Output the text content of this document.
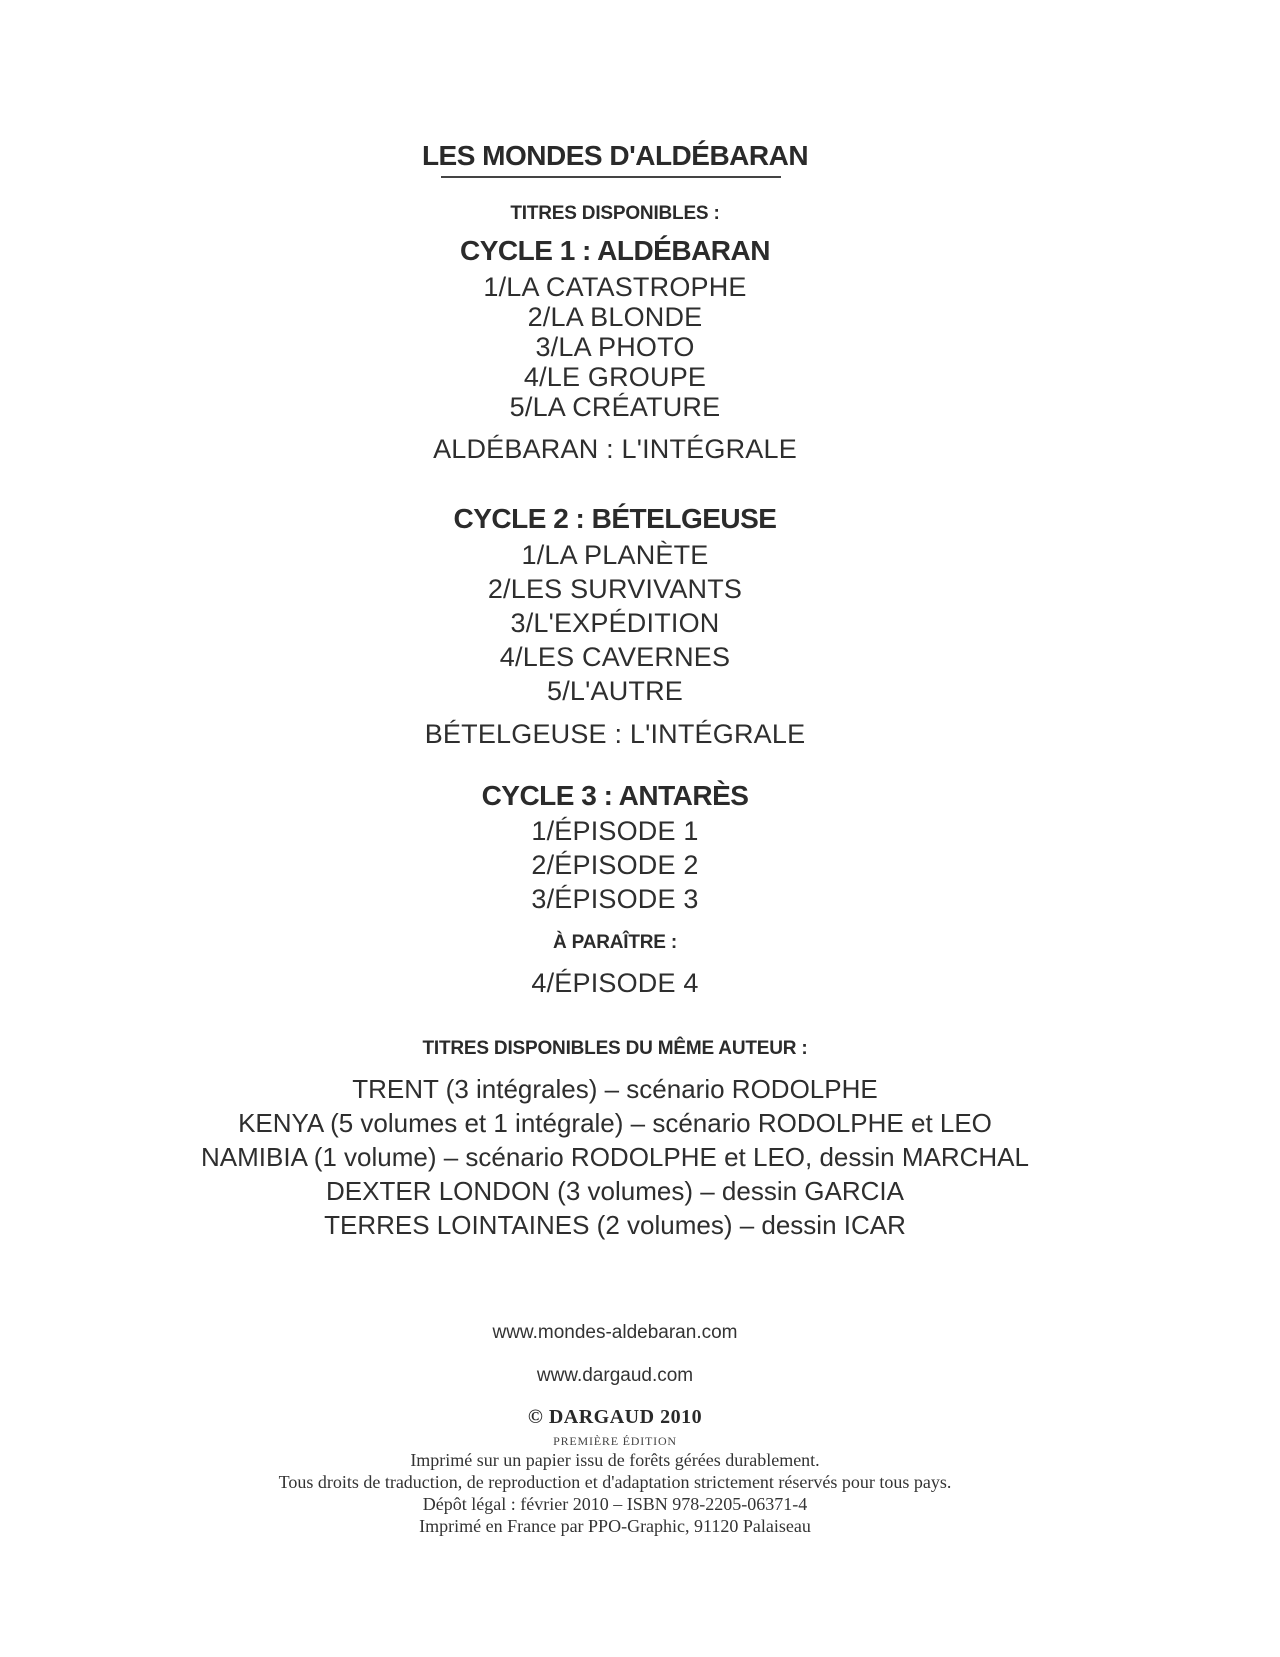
LES MONDES D'ALDÉBARAN
TITRES DISPONIBLES :
CYCLE 1 : ALDÉBARAN
1/LA CATASTROPHE
2/LA BLONDE
3/LA PHOTO
4/LE GROUPE
5/LA CRÉATURE
ALDÉBARAN : L'INTÉGRALE
CYCLE 2 : BÉTELGEUSE
1/LA PLANÈTE
2/LES SURVIVANTS
3/L'EXPÉDITION
4/LES CAVERNES
5/L'AUTRE
BÉTELGEUSE : L'INTÉGRALE
CYCLE 3 : ANTARÈS
1/ÉPISODE 1
2/ÉPISODE 2
3/ÉPISODE 3
À PARAÎTRE :
4/ÉPISODE 4
TITRES DISPONIBLES DU MÊME AUTEUR :
TRENT (3 intégrales) – scénario RODOLPHE
KENYA (5 volumes et 1 intégrale) – scénario RODOLPHE et LEO
NAMIBIA (1 volume) – scénario RODOLPHE et LEO, dessin MARCHAL
DEXTER LONDON (3 volumes) – dessin GARCIA
TERRES LOINTAINES (2 volumes) – dessin ICAR
www.mondes-aldebaran.com
www.dargaud.com
© DARGAUD 2010
PREMIÈRE ÉDITION
Imprimé sur un papier issu de forêts gérées durablement.
Tous droits de traduction, de reproduction et d'adaptation strictement réservés pour tous pays.
Dépôt légal : février 2010 – ISBN 978-2205-06371-4
Imprimé en France par PPO-Graphic, 91120 Palaiseau
